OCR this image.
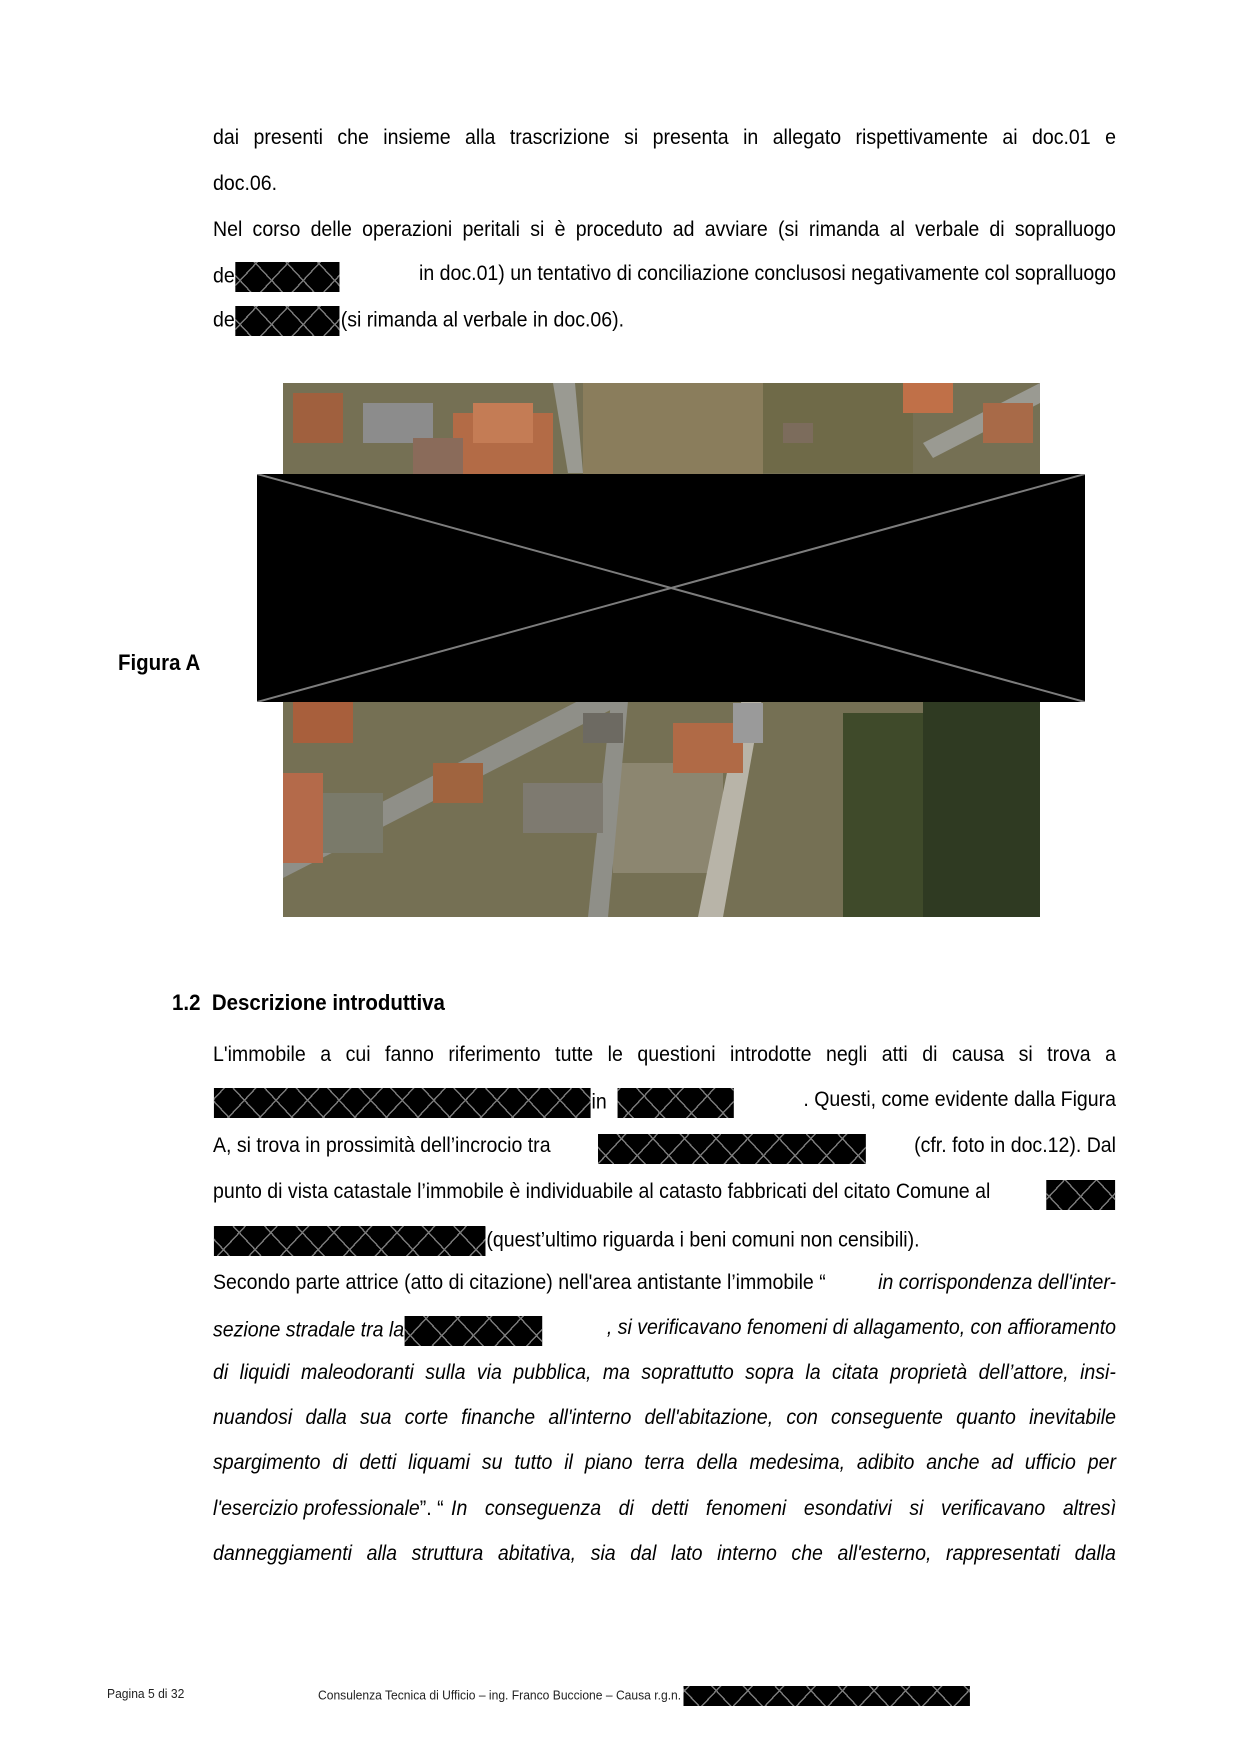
dai presenti che insieme alla trascrizione si presenta in allegato rispettivamente ai doc.01 e
doc.06.
Nel corso delle operazioni peritali si è proceduto ad avviare (si rimanda al verbale di sopralluogo
de	in doc.01) un tentativo di conciliazione conclusosi negativamente col sopralluogo
de	(si rimanda al verbale in doc.06).
Figura A
1.2 Descrizione introduttiva
L'immobile a cui fanno riferimento tutte le questioni introdotte negli atti di causa si trova a
in	. Questi, come evidente dalla Figura
A, si trova in prossimità dell’incrocio tra	(cfr. foto in doc.12). Dal
punto di vista catastale l’immobile è individuabile al catasto fabbricati del citato Comune al
(quest’ultimo riguarda i beni comuni non censibili).
Secondo parte attrice (atto di citazione) nell'area antistante l’immobile “ in corrispondenza dell'inter-
sezione stradale tra la	, si verificavano fenomeni di allagamento, con affioramento
di liquidi maleodoranti sulla via pubblica, ma soprattutto sopra la citata proprietà dell’attore, insi-
nuandosi dalla sua corte finanche all'interno dell'abitazione, con conseguente quanto inevitabile
spargimento di detti liquami su tutto il piano terra della medesima, adibito anche ad ufficio per
l'esercizio professionale”. “ In conseguenza di detti fenomeni esondativi si verificavano altresì
danneggiamenti alla struttura abitativa, sia dal lato interno che all'esterno, rappresentati dalla
Pagina 5 di 32	Consulenza Tecnica di Ufficio – ing. Franco Buccione – Causa r.g.n.
